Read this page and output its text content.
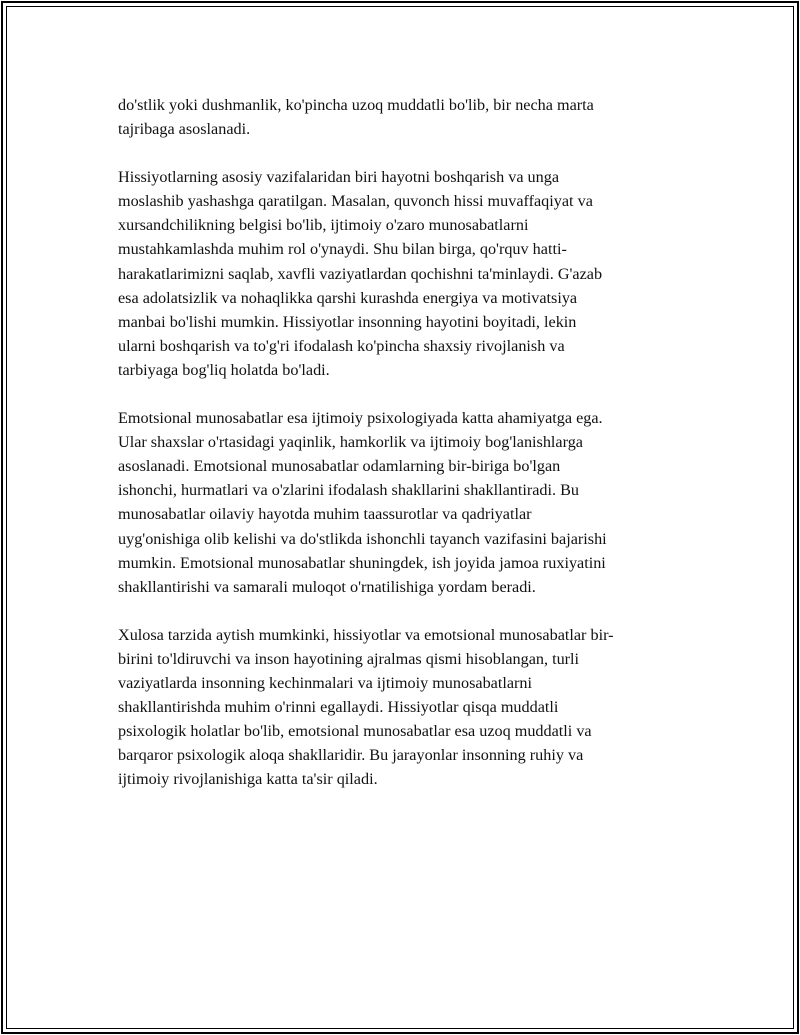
do'stlik yoki dushmanlik, ko'pincha uzoq muddatli bo'lib, bir necha marta
tajribaga asoslanadi.

Hissiyotlarning asosiy vazifalaridan biri hayotni boshqarish va unga
moslashib yashashga qaratilgan. Masalan, quvonch hissi muvaffaqiyat va
xursandchilikning belgisi bo'lib, ijtimoiy o'zaro munosabatlarni
mustahkamlashda muhim rol o'ynaydi. Shu bilan birga, qo'rquv hatti-
harakatlarimizni saqlab, xavfli vaziyatlardan qochishni ta'minlaydi. G'azab
esa adolatsizlik va nohaqlikka qarshi kurashda energiya va motivatsiya
manbai bo'lishi mumkin. Hissiyotlar insonning hayotini boyitadi, lekin
ularni boshqarish va to'g'ri ifodalash ko'pincha shaxsiy rivojlanish va
tarbiyaga bog'liq holatda bo'ladi.

Emotsional munosabatlar esa ijtimoiy psixologiyada katta ahamiyatga ega.
Ular shaxslar o'rtasidagi yaqinlik, hamkorlik va ijtimoiy bog'lanishlarga
asoslanadi. Emotsional munosabatlar odamlarning bir-biriga bo'lgan
ishonchi, hurmatlari va o'zlarini ifodalash shakllarini shakllantiradi. Bu
munosabatlar oilaviy hayotda muhim taassurotlar va qadriyatlar
uyg'onishiga olib kelishi va do'stlikda ishonchli tayanch vazifasini bajarishi
mumkin. Emotsional munosabatlar shuningdek, ish joyida jamoa ruxiyatini
shakllantirishi va samarali muloqot o'rnatilishiga yordam beradi.

Xulosa tarzida aytish mumkinki, hissiyotlar va emotsional munosabatlar bir-
birini to'ldiruvchi va inson hayotining ajralmas qismi hisoblangan, turli
vaziyatlarda insonning kechinmalari va ijtimoiy munosabatlarni
shakllantirishda muhim o'rinni egallaydi. Hissiyotlar qisqa muddatli
psixologik holatlar bo'lib, emotsional munosabatlar esa uzoq muddatli va
barqaror psixologik aloqa shakllaridir. Bu jarayonlar insonning ruhiy va
ijtimoiy rivojlanishiga katta ta'sir qiladi.
